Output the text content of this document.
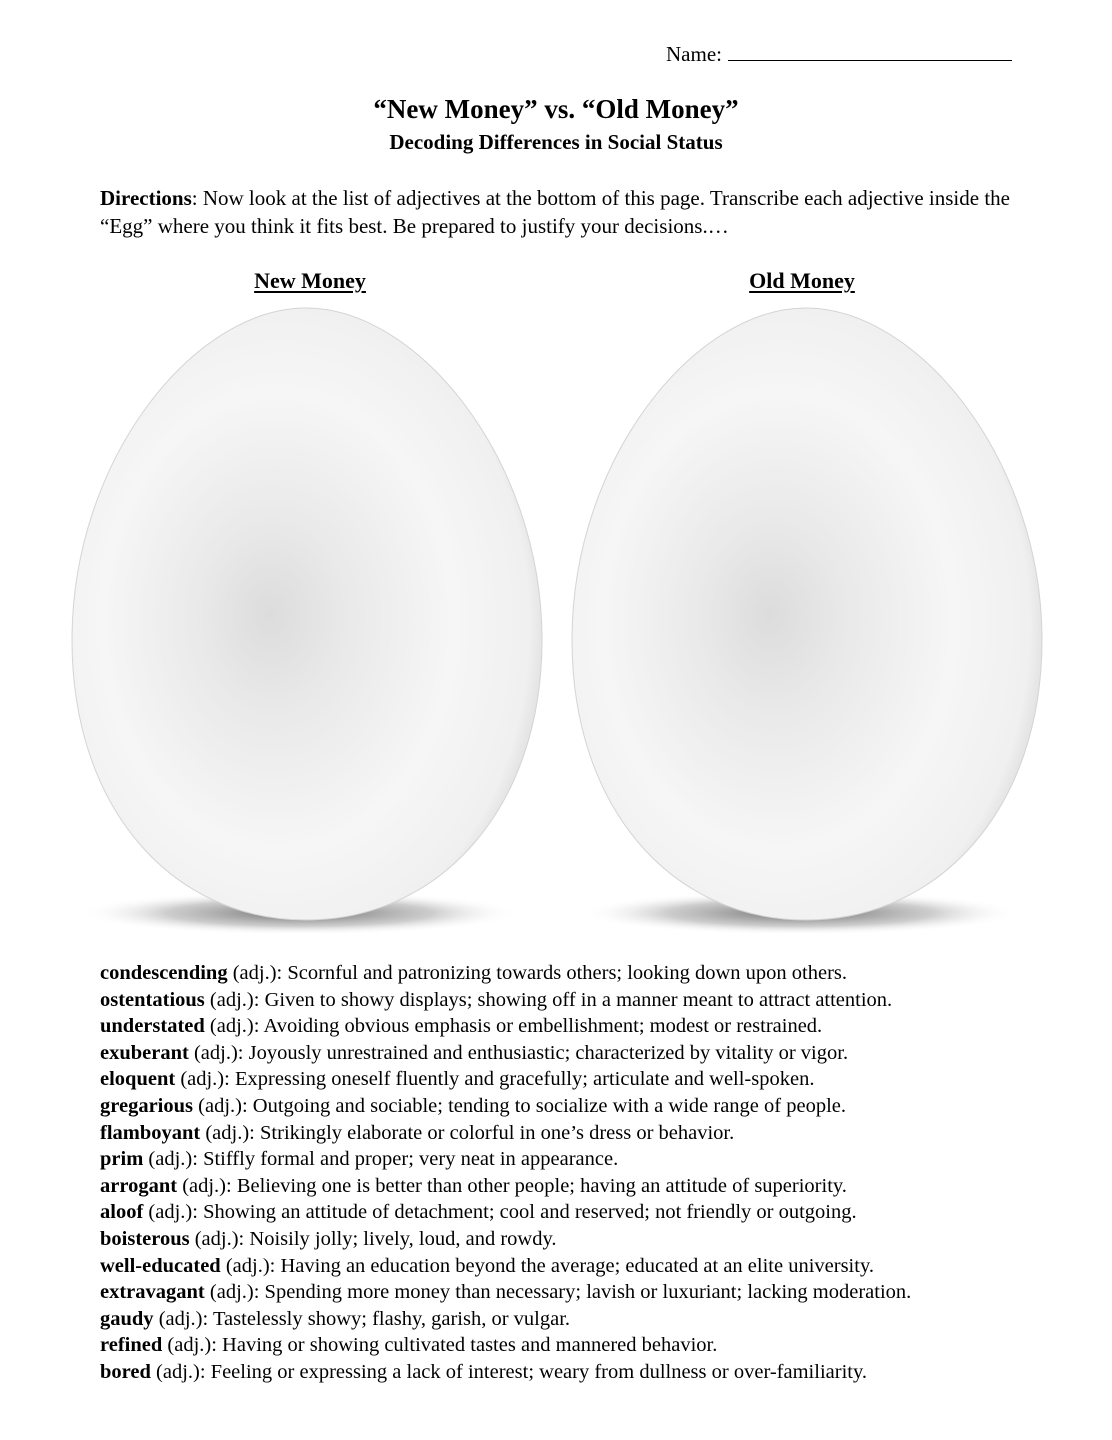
Name:
“New Money” vs. “Old Money”
Decoding Differences in Social Status
Directions: Now look at the list of adjectives at the bottom of this page. Transcribe each adjective inside the “Egg” where you think it fits best. Be prepared to justify your decisions.…
New Money	Old Money
condescending (adj.): Scornful and patronizing towards others; looking down upon others.
ostentatious (adj.): Given to showy displays; showing off in a manner meant to attract attention.
understated (adj.): Avoiding obvious emphasis or embellishment; modest or restrained.
exuberant (adj.): Joyously unrestrained and enthusiastic; characterized by vitality or vigor.
eloquent (adj.): Expressing oneself fluently and gracefully; articulate and well-spoken.
gregarious (adj.): Outgoing and sociable; tending to socialize with a wide range of people.
flamboyant (adj.): Strikingly elaborate or colorful in one’s dress or behavior.
prim (adj.): Stiffly formal and proper; very neat in appearance.
arrogant (adj.): Believing one is better than other people; having an attitude of superiority.
aloof (adj.): Showing an attitude of detachment; cool and reserved; not friendly or outgoing.
boisterous (adj.): Noisily jolly; lively, loud, and rowdy.
well-educated (adj.): Having an education beyond the average; educated at an elite university.
extravagant (adj.): Spending more money than necessary; lavish or luxuriant; lacking moderation.
gaudy (adj.): Tastelessly showy; flashy, garish, or vulgar.
refined (adj.): Having or showing cultivated tastes and mannered behavior.
bored (adj.): Feeling or expressing a lack of interest; weary from dullness or over-familiarity.
